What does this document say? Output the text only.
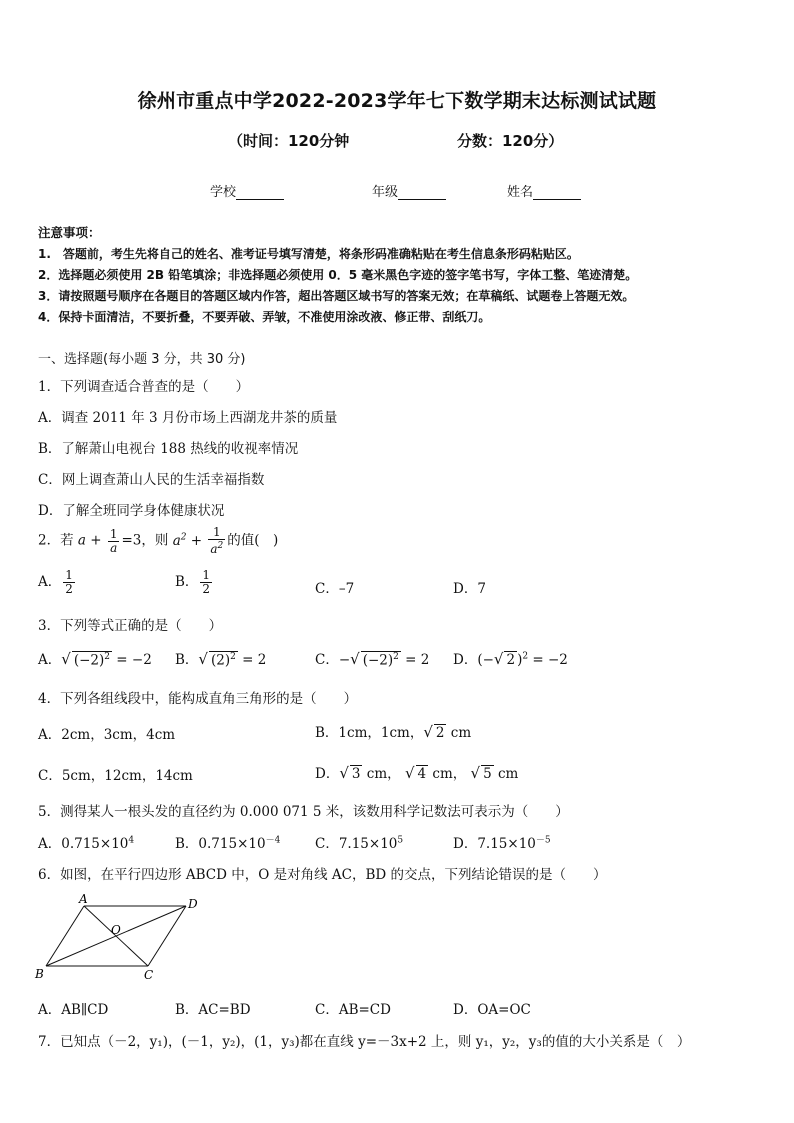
徐州市重点中学2022-2023学年七下数学期末达标测试试题
（时间：120分钟	分数：120分）
学校	年级	姓名
注意事项：
1.　答题前，考生先将自己的姓名、准考证号填写清楚，将条形码准确粘贴在考生信息条形码粘贴区。
2．选择题必须使用 2B 铅笔填涂；非选择题必须使用 0．5 毫米黑色字迹的签字笔书写，字体工整、笔迹清楚。
3．请按照题号顺序在各题目的答题区域内作答，超出答题区域书写的答案无效；在草稿纸、试题卷上答题无效。
4．保持卡面清洁，不要折叠，不要弄破、弄皱，不准使用涂改液、修正带、刮纸刀。
一、选择题(每小题 3 分，共 30 分)
1．下列调查适合普查的是（　　）
A．调查 2011 年 3 月份市场上西湖龙井茶的质量
B．了解萧山电视台 188 热线的收视率情况
C．网上调查萧山人民的生活幸福指数
D．了解全班同学身体健康状况
2．若 $a + \frac{1}{a} =3$，则 $a^2 + \frac{1}{a^2}$ 的值(　)
A． $\frac{1}{2}$	B． $\frac{1}{2}$	C．–7	D．7
3．下列等式正确的是（　　）
A．√ $(-2)^2 = -2$ B．√ $(2)^2 = 2$	C．−√ $(-2)^2 = 2$ D．(−√ 2 )$^2$ = −2
4．下列各组线段中，能构成直角三角形的是（　　）
A．2cm，3cm，4cm	B．1cm，1cm，√ 2 cm
C．5cm，12cm，14cm	D．√ 3 cm， √ 4 cm， √ 5 cm
5．测得某人一根头发的直径约为 0.000 071 5 米，该数用科学记数法可表示为（　　）
A．$0.715\times 10^4$	B．$0.715\times 10^{-4}$	C．$7.15\times 10^5$	D．$7.15\times 10^{-5}$
6．如图，在平行四边形 ABCD 中，O 是对角线 AC，BD 的交点，下列结论错误的是（　　）
A	D
B	C
O
A．AB∥CD	B．AC=BD	C．AB=CD	D．OA=OC
7．已知点（－2，y₁)，(－1，y₂)，(1，y₃)都在直线 y=－3x+2 上，则 y₁，y₂，y₃的值的大小关系是（　）
